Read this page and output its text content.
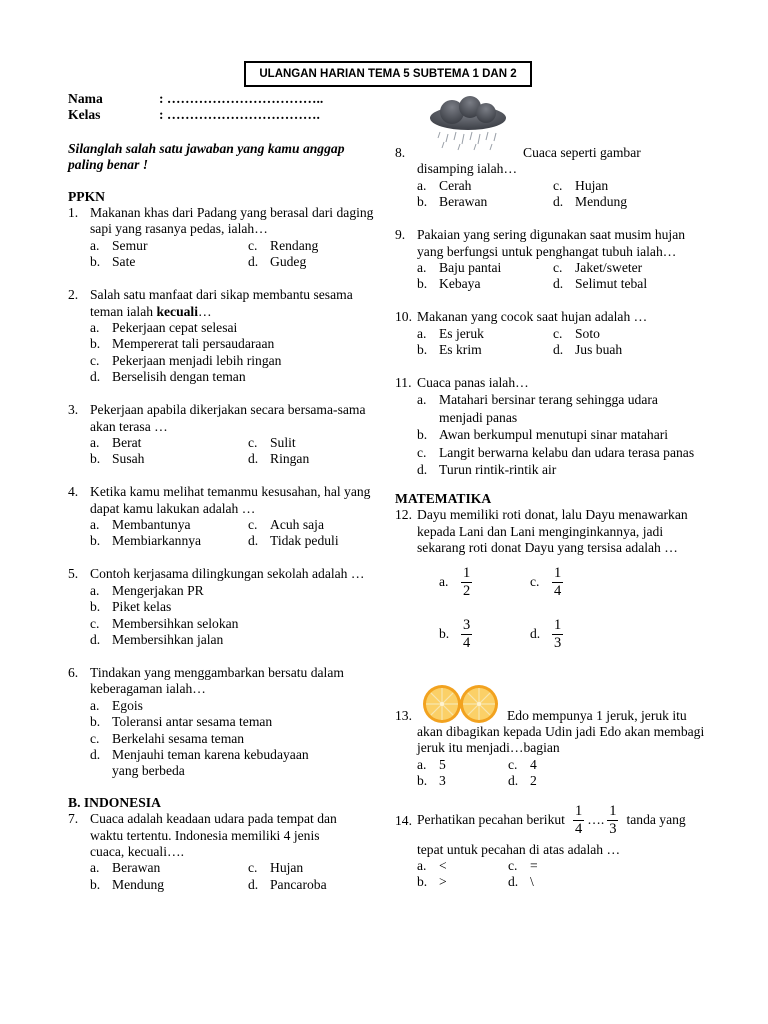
ULANGAN HARIAN TEMA 5 SUBTEMA 1 DAN 2
Nama	: ……………………………..
Kelas	: …………………………….
Silanglah salah satu jawaban yang kamu anggap paling benar !
PPKN
1. Makanan khas dari Padang yang berasal dari daging sapi yang rasanya pedas, ialah…
a. Semur	c. Rendang
b. Sate	d. Gudeg
2. Salah satu manfaat dari sikap membantu sesama teman ialah kecuali…
a. Pekerjaan cepat selesai
b. Mempererat tali persaudaraan
c. Pekerjaan menjadi lebih ringan
d. Berselisih dengan teman
3. Pekerjaan apabila dikerjakan secara bersama-sama akan terasa …
a. Berat	c. Sulit
b. Susah	d. Ringan
4. Ketika kamu melihat temanmu kesusahan, hal yang dapat kamu lakukan adalah …
a. Membantunya	c. Acuh saja
b. Membiarkannya	d. Tidak peduli
5. Contoh kerjasama dilingkungan sekolah adalah …
a. Mengerjakan PR
b. Piket kelas
c. Membersihkan selokan
d. Membersihkan jalan
6. Tindakan yang menggambarkan bersatu dalam keberagaman ialah…
a. Egois
b. Toleransi antar sesama teman
c. Berkelahi sesama teman
d. Menjauhi teman karena kebudayaan yang berbeda
B. INDONESIA
7. Cuaca adalah keadaan udara pada tempat dan waktu tertentu. Indonesia memiliki 4 jenis cuaca, kecuali….
a. Berawan	c. Hujan
b. Mendung	d. Pancaroba
8.	Cuaca seperti gambar
disamping ialah…
a. Cerah	c. Hujan
b. Berawan	d. Mendung
9. Pakaian yang sering digunakan saat musim hujan yang berfungsi untuk penghangat tubuh ialah…
a. Baju pantai	c. Jaket/sweter
b. Kebaya	d. Selimut tebal
10. Makanan yang cocok saat hujan adalah …
a. Es jeruk	c. Soto
b. Es krim	d. Jus buah
11. Cuaca panas ialah…
a. Matahari bersinar terang sehingga udara menjadi panas
b. Awan berkumpul menutupi sinar matahari
c. Langit berwarna kelabu dan udara terasa panas
d. Turun rintik-rintik air
MATEMATIKA
12. Dayu memiliki roti donat, lalu Dayu menawarkan kepada Lani dan Lani menginginkannya, jadi sekarang roti donat Dayu yang tersisa adalah …
a. $\frac{1}{2}$	c. $\frac{1}{4}$
b. $\frac{3}{4}$	d. $\frac{1}{3}$
13.	Edo mempunya 1 jeruk, jeruk itu
akan dibagikan kepada Udin jadi Edo akan membagi jeruk itu menjadi…bagian
a. 5	c. 4
b. 3	d. 2
14. Perhatikan pecahan berikut $\frac{1}{4}$ …. $\frac{1}{3}$ tanda yang
tepat untuk pecahan di atas adalah …
a. <	c. =
b. >	d. \
